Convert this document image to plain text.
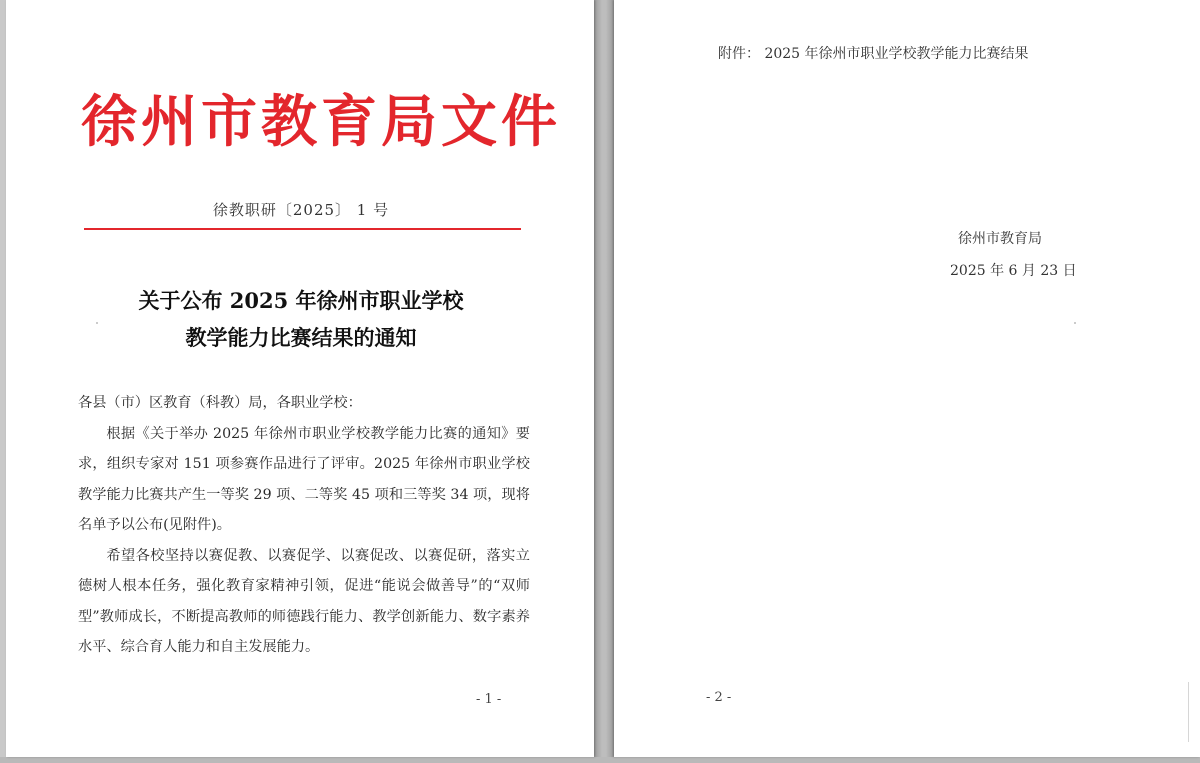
徐州市教育局文件
徐教职研〔2025〕 1 号
关于公布 2025 年徐州市职业学校
教学能力比赛结果的通知

各县（市）区教育（科教）局，各职业学校：

根据《关于举办 2025 年徐州市职业学校教学能力比赛的通知》要求，组织专家对 151 项参赛作品进行了评审。2025 年徐州市职业学校教学能力比赛共产生一等奖 29 项、二等奖 45 项和三等奖 34 项，现将名单予以公布(见附件)。

希望各校坚持以赛促教、以赛促学、以赛促改、以赛促研，落实立德树人根本任务，强化教育家精神引领，促进“能说会做善导”的“双师型”教师成长，不断提高教师的师德践行能力、教学创新能力、数字素养水平、综合育人能力和自主发展能力。

- 1 -
附件： 2025 年徐州市职业学校教学能力比赛结果
徐州市教育局
2025 年 6 月 23 日
- 2 -
